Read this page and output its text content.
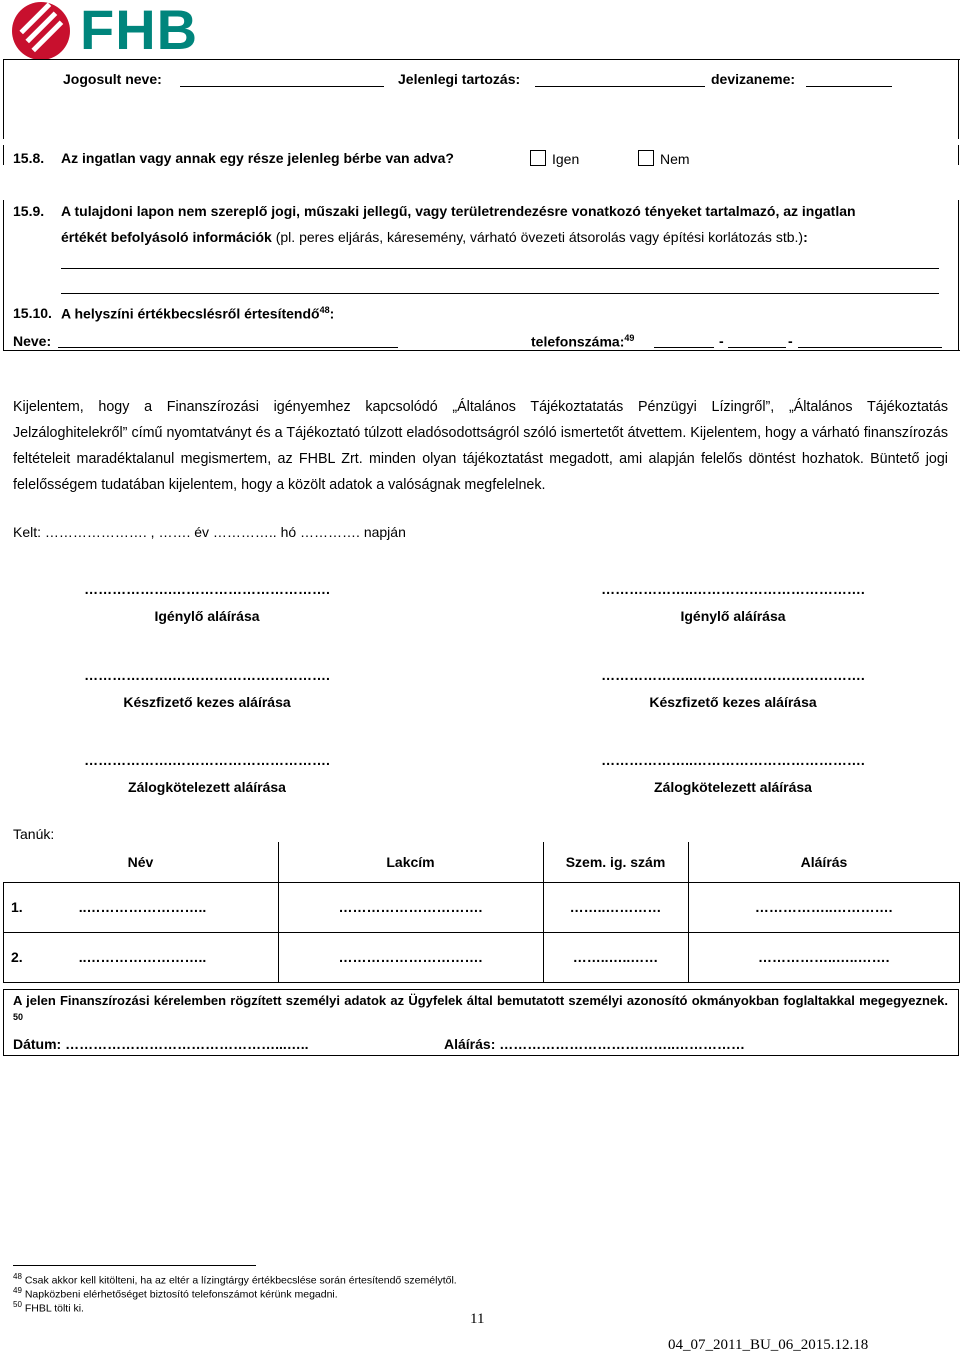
FHB
Jogosult neve:	Jelenlegi tartozás:	devizaneme:
15.8. Az ingatlan vagy annak egy része jelenleg bérbe van adva?	Igen	Nem
15.9. A tulajdoni lapon nem szereplő jogi, műszaki jellegű, vagy területrendezésre vonatkozó tényeket tartalmazó, az ingatlan
értékét befolyásoló információk (pl. peres eljárás, káresemény, várható övezeti átsorolás vagy építési korlátozás stb.):
15.10. A helyszíni értékbecslésről értesítendő$^{48}$:
Neve:	telefonszáma:$^{49}$	-	-
Kijelentem, hogy a Finanszírozási igényemhez kapcsolódó „Általános Tájékoztatatás Pénzügyi Lízingről”, „Általános Tájékoztatás Jelzáloghitelekről” című nyomtatványt és a Tájékoztató túlzott eladósodottságról szóló ismertetőt átvettem. Kijelentem, hogy a várható finanszírozás feltételeit maradéktalanul megismertem, az FHBL Zrt. minden olyan tájékoztatást megadott, ami alapján felelős döntést hozhatok. Büntető jogi felelősségem tudatában kijelentem, hogy a közölt adatok a valóságnak megfelelnek.
Kelt: …………………. , ……. év ………….. hó …………. napján
……………….…………………………….	………………..……………………………….
Igénylő aláírása	Igénylő aláírása
……………….…………………………….	………………..……………………………….
Készfizető kezes aláírása	Készfizető kezes aláírása
……………….…………………………….	………………..……………………………….
Zálogkötelezett aláírása	Zálogkötelezett aláírása
Tanúk:
Név	Lakcím	Szem. ig. szám	Aláírás
1. ..……………………..	………………………….	……..…………	……………..………….
2. ..……………………..	………………………….	……..…..……	……………..…..…….
A jelen Finanszírozási kérelemben rögzített személyi adatok az Ügyfelek által bemutatott személyi azonosító okmányokban foglaltakkal megegyeznek. $^{50}$
Dátum: ………………………………………...…..	Aláírás: ………………………………..……………
$^{48}$ Csak akkor kell kitölteni, ha az eltér a lízingtárgy értékbecslése során értesítendő személytől.
$^{49}$ Napközbeni elérhetőséget biztosító telefonszámot kérünk megadni.
$^{50}$ FHBL tölti ki.
11
04_07_2011_BU_06_2015.12.18
